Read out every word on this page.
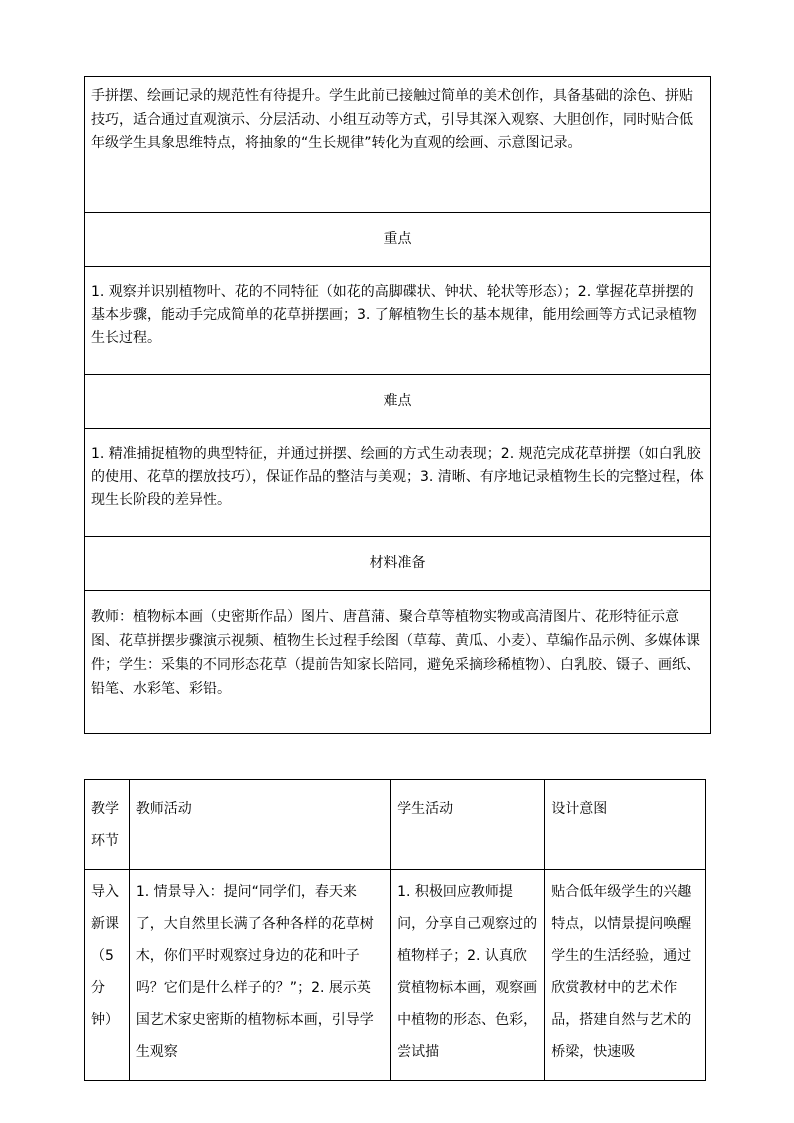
手拼摆、绘画记录的规范性有待提升。学生此前已接触过简单的美术创作，具备基础的涂色、拼贴技巧，适合通过直观演示、分层活动、小组互动等方式，引导其深入观察、大胆创作，同时贴合低年级学生具象思维特点，将抽象的“生长规律”转化为直观的绘画、示意图记录。
重点
1. 观察并识别植物叶、花的不同特征（如花的高脚碟状、钟状、轮状等形态）；2. 掌握花草拼摆的基本步骤，能动手完成简单的花草拼摆画；3. 了解植物生长的基本规律，能用绘画等方式记录植物生长过程。
难点
1. 精准捕捉植物的典型特征，并通过拼摆、绘画的方式生动表现；2. 规范完成花草拼摆（如白乳胶的使用、花草的摆放技巧），保证作品的整洁与美观；3. 清晰、有序地记录植物生长的完整过程，体现生长阶段的差异性。
材料准备
教师：植物标本画（史密斯作品）图片、唐菖蒲、聚合草等植物实物或高清图片、花形特征示意图、花草拼摆步骤演示视频、植物生长过程手绘图（草莓、黄瓜、小麦）、草编作品示例、多媒体课件；学生：采集的不同形态花草（提前告知家长陪同，避免采摘珍稀植物）、白乳胶、镊子、画纸、铅笔、水彩笔、彩铅。
教学环节	教师活动	学生活动	设计意图
导入新课（5分钟）	1. 情景导入：提问“同学们，春天来了，大自然里长满了各种各样的花草树木，你们平时观察过身边的花和叶子吗？它们是什么样子的？”；2. 展示英国艺术家史密斯的植物标本画，引导学生观察	1. 积极回应教师提问，分享自己观察过的植物样子；2. 认真欣赏植物标本画，观察画中植物的形态、色彩，尝试描	贴合低年级学生的兴趣特点，以情景提问唤醒学生的生活经验，通过欣赏教材中的艺术作品，搭建自然与艺术的桥梁，快速吸
